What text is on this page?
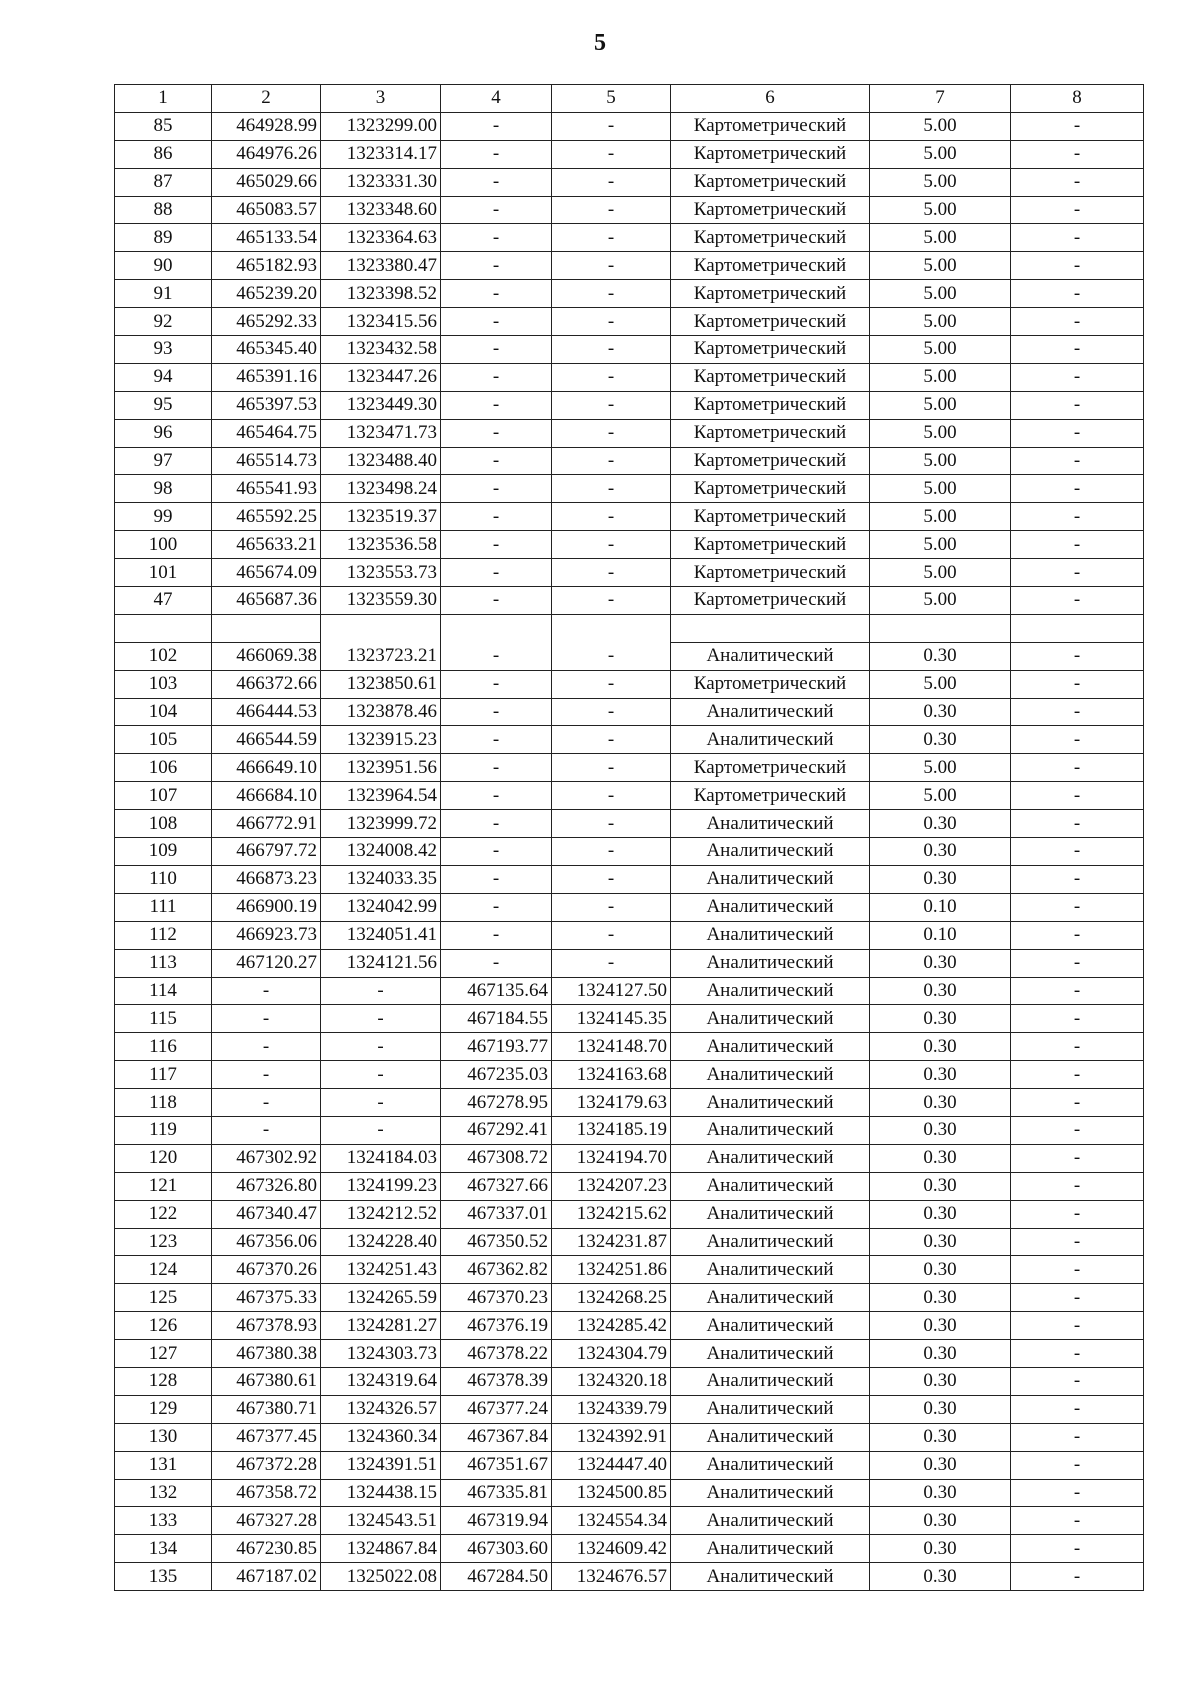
5
1	2	3	4	5	6	7	8
85	464928.99	1323299.00	-	-	Картометрический	5.00	-
86	464976.26	1323314.17	-	-	Картометрический	5.00	-
87	465029.66	1323331.30	-	-	Картометрический	5.00	-
88	465083.57	1323348.60	-	-	Картометрический	5.00	-
89	465133.54	1323364.63	-	-	Картометрический	5.00	-
90	465182.93	1323380.47	-	-	Картометрический	5.00	-
91	465239.20	1323398.52	-	-	Картометрический	5.00	-
92	465292.33	1323415.56	-	-	Картометрический	5.00	-
93	465345.40	1323432.58	-	-	Картометрический	5.00	-
94	465391.16	1323447.26	-	-	Картометрический	5.00	-
95	465397.53	1323449.30	-	-	Картометрический	5.00	-
96	465464.75	1323471.73	-	-	Картометрический	5.00	-
97	465514.73	1323488.40	-	-	Картометрический	5.00	-
98	465541.93	1323498.24	-	-	Картометрический	5.00	-
99	465592.25	1323519.37	-	-	Картометрический	5.00	-
100	465633.21	1323536.58	-	-	Картометрический	5.00	-
101	465674.09	1323553.73	-	-	Картометрический	5.00	-
47	465687.36	1323559.30	-	-	Картометрический	5.00	-

102	466069.38	1323723.21	-	-	Аналитический	0.30	-
103	466372.66	1323850.61	-	-	Картометрический	5.00	-
104	466444.53	1323878.46	-	-	Аналитический	0.30	-
105	466544.59	1323915.23	-	-	Аналитический	0.30	-
106	466649.10	1323951.56	-	-	Картометрический	5.00	-
107	466684.10	1323964.54	-	-	Картометрический	5.00	-
108	466772.91	1323999.72	-	-	Аналитический	0.30	-
109	466797.72	1324008.42	-	-	Аналитический	0.30	-
110	466873.23	1324033.35	-	-	Аналитический	0.30	-
111	466900.19	1324042.99	-	-	Аналитический	0.10	-
112	466923.73	1324051.41	-	-	Аналитический	0.10	-
113	467120.27	1324121.56	-	-	Аналитический	0.30	-
114	-	-	467135.64	1324127.50	Аналитический	0.30	-
115	-	-	467184.55	1324145.35	Аналитический	0.30	-
116	-	-	467193.77	1324148.70	Аналитический	0.30	-
117	-	-	467235.03	1324163.68	Аналитический	0.30	-
118	-	-	467278.95	1324179.63	Аналитический	0.30	-
119	-	-	467292.41	1324185.19	Аналитический	0.30	-
120	467302.92	1324184.03	467308.72	1324194.70	Аналитический	0.30	-
121	467326.80	1324199.23	467327.66	1324207.23	Аналитический	0.30	-
122	467340.47	1324212.52	467337.01	1324215.62	Аналитический	0.30	-
123	467356.06	1324228.40	467350.52	1324231.87	Аналитический	0.30	-
124	467370.26	1324251.43	467362.82	1324251.86	Аналитический	0.30	-
125	467375.33	1324265.59	467370.23	1324268.25	Аналитический	0.30	-
126	467378.93	1324281.27	467376.19	1324285.42	Аналитический	0.30	-
127	467380.38	1324303.73	467378.22	1324304.79	Аналитический	0.30	-
128	467380.61	1324319.64	467378.39	1324320.18	Аналитический	0.30	-
129	467380.71	1324326.57	467377.24	1324339.79	Аналитический	0.30	-
130	467377.45	1324360.34	467367.84	1324392.91	Аналитический	0.30	-
131	467372.28	1324391.51	467351.67	1324447.40	Аналитический	0.30	-
132	467358.72	1324438.15	467335.81	1324500.85	Аналитический	0.30	-
133	467327.28	1324543.51	467319.94	1324554.34	Аналитический	0.30	-
134	467230.85	1324867.84	467303.60	1324609.42	Аналитический	0.30	-
135	467187.02	1325022.08	467284.50	1324676.57	Аналитический	0.30	-
